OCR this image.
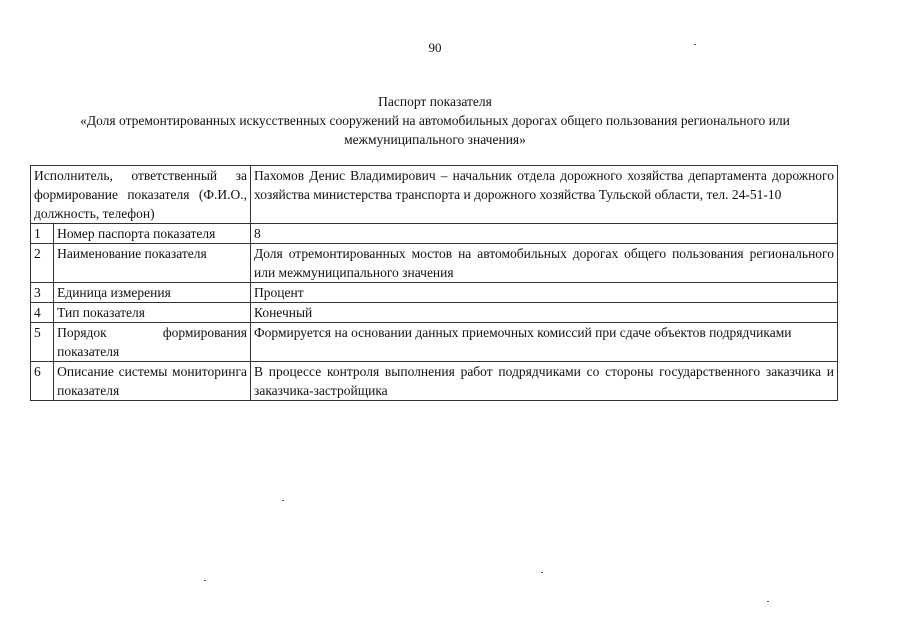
90
Паспорт показателя
«Доля отремонтированных искусственных сооружений на автомобильных дорогах общего пользования регионального или межмуниципального значения»
Исполнитель, ответственный за формирование показателя (Ф.И.О., должность, телефон)		Пахомов Денис Владимирович – начальник отдела дорожного хозяйства департамента дорожного хозяйства министерства транспорта и дорожного хозяйства Тульской области, тел. 24-51-10
1	Номер паспорта показателя	8
2	Наименование показателя	Доля отремонтированных мостов на автомобильных дорогах общего пользования регионального или межмуниципального значения
3	Единица измерения	Процент
4	Тип показателя	Конечный
5	Порядок формирования показателя	Формируется на основании данных приемочных комиссий при сдаче объектов подрядчиками
6	Описание системы мониторинга показателя	В процессе контроля выполнения работ подрядчиками со стороны государственного заказчика и заказчика-застройщика
